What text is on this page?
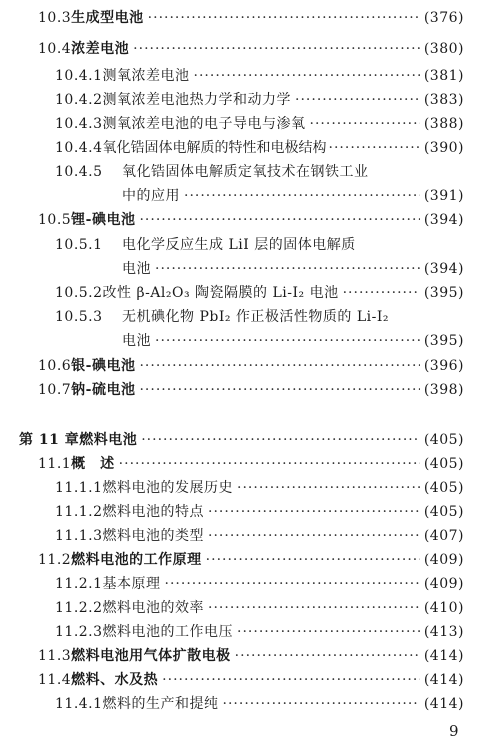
10.3 生成型电池 ·····	(376)
10.4 浓差电池 ·····	(380)
10.4.1 测氧浓差电池 ·····	(381)
10.4.2 测氧浓差电池热力学和动力学 ·····	(383)
10.4.3 测氧浓差电池的电子导电与渗氧 ·····	(388)
10.4.4 氧化锆固体电解质的特性和电极结构 ·····	(390)
10.4.5	氧化锆固体电解质定氧技术在钢铁工业
中的应用 ·····	(391)
10.5 锂-碘电池 ·····	(394)
10.5.1	电化学反应生成 LiI 层的固体电解质
电池 ·····	(394)
10.5.2 改性 β-Al₂O₃ 陶瓷隔膜的 Li-I₂ 电池 ·····	(395)
10.5.3	无机碘化物 PbI₂ 作正极活性物质的 Li-I₂
电池 ·····	(395)
10.6 银-碘电池 ·····	(396)
10.7 钠-硫电池 ·····	(398)
第 11 章 燃料电池 ·····	(405)
11.1 概　述 ·····	(405)
11.1.1 燃料电池的发展历史 ·····	(405)
11.1.2 燃料电池的特点 ·····	(405)
11.1.3 燃料电池的类型 ·····	(407)
11.2 燃料电池的工作原理 ·····	(409)
11.2.1 基本原理 ·····	(409)
11.2.2 燃料电池的效率 ·····	(410)
11.2.3 燃料电池的工作电压 ·····	(413)
11.3 燃料电池用气体扩散电极 ·····	(414)
11.4 燃料、水及热 ·····	(414)
11.4.1 燃料的生产和提纯 ·····	(414)
9
